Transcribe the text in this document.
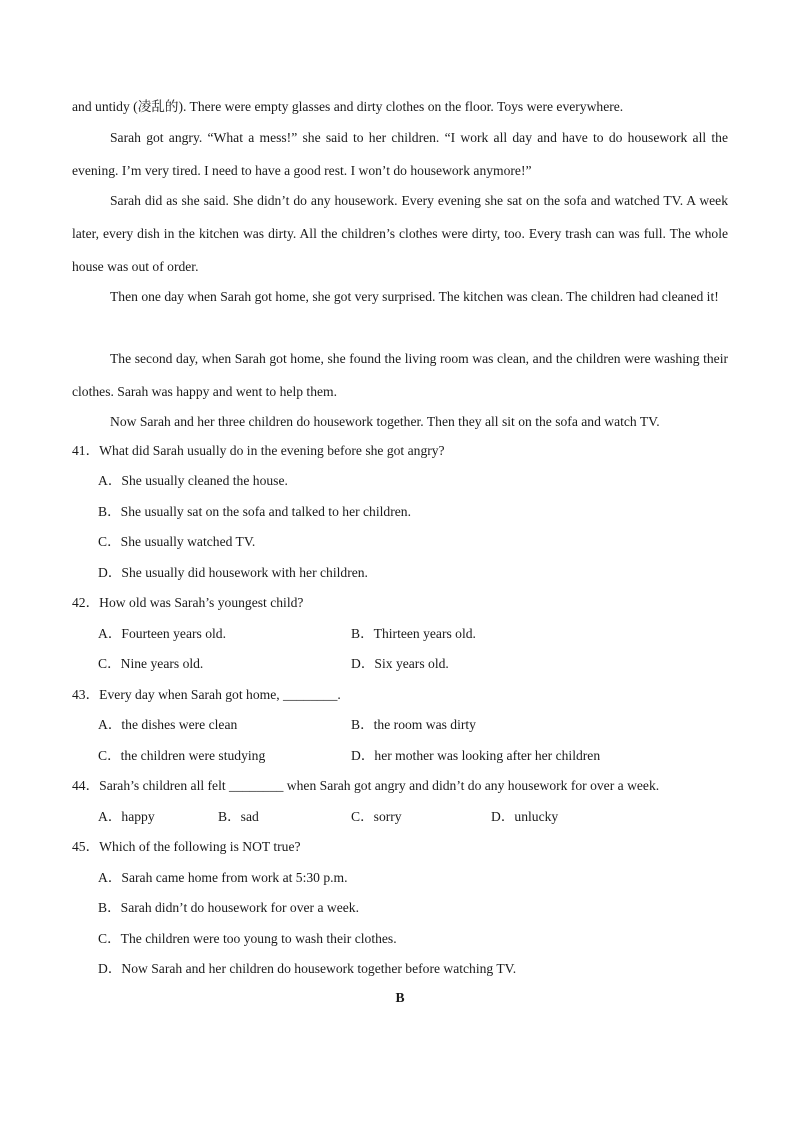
and untidy (凌乱的). There were empty glasses and dirty clothes on the floor. Toys were everywhere.

Sarah got angry. “What a mess!” she said to her children. “I work all day and have to do housework all the evening. I’m very tired. I need to have a good rest. I won’t do housework anymore!”

Sarah did as she said. She didn’t do any housework. Every evening she sat on the sofa and watched TV. A week later, every dish in the kitchen was dirty. All the children’s clothes were dirty, too. Every trash can was full. The whole house was out of order.

Then one day when Sarah got home, she got very surprised. The kitchen was clean. The children had cleaned it!

The second day, when Sarah got home, she found the living room was clean, and the children were washing their clothes. Sarah was happy and went to help them.

Now Sarah and her three children do housework together. Then they all sit on the sofa and watch TV.

41．What did Sarah usually do in the evening before she got angry?

A．She usually cleaned the house.

B．She usually sat on the sofa and talked to her children.

C．She usually watched TV.

D．She usually did housework with her children.

42．How old was Sarah’s youngest child?

A．Fourteen years old.	B．Thirteen years old.

C．Nine years old.	D．Six years old.

43．Every day when Sarah got home, ________.

A．the dishes were clean	B．the room was dirty

C．the children were studying	D．her mother was looking after her children

44．Sarah’s children all felt ________ when Sarah got angry and didn’t do any housework for over a week.

A．happy	B．sad	C．sorry	D．unlucky

45．Which of the following is NOT true?

A．Sarah came home from work at 5:30 p.m.

B．Sarah didn’t do housework for over a week.

C．The children were too young to wash their clothes.

D．Now Sarah and her children do housework together before watching TV.

B
